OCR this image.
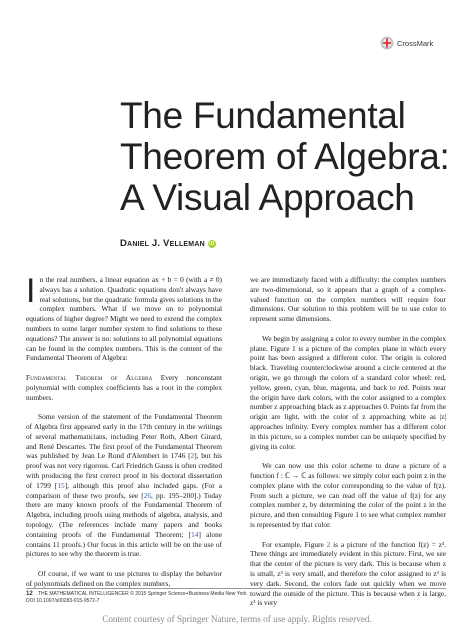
CrossMark
The Fundamental
Theorem of Algebra:
A Visual Approach
Daniel J. Velleman iD

In the real numbers, a linear equation ax + b = 0 (with a ≠ 0) always has a solution. Quadratic equations don't always have real solutions, but the quadratic formula gives solutions in the complex numbers. What if we move on to polynomial equations of higher degree? Might we need to extend the complex numbers to some larger number system to find solutions to these equations? The answer is no: solutions to all polynomial equations can be found in the complex numbers. This is the content of the Fundamental Theorem of Algebra:

Fundamental Theorem of Algebra Every nonconstant polynomial with complex coefficients has a root in the complex numbers.

Some version of the statement of the Fundamental Theorem of Algebra first appeared early in the 17th century in the writings of several mathematicians, including Peter Roth, Albert Girard, and René Descartes. The first proof of the Fundamental Theorem was published by Jean Le Rond d'Alembert in 1746 [2], but his proof was not very rigorous. Carl Friedrich Gauss is often credited with producing the first correct proof in his doctoral dissertation of 1799 [15], although this proof also included gaps. (For a comparison of these two proofs, see [26, pp. 195–200].) Today there are many known proofs of the Fundamental Theorem of Algebra, including proofs using methods of algebra, analysis, and topology. (The references include many papers and books containing proofs of the Fundamental Theorem; [14] alone contains 11 proofs.) Our focus in this article will be on the use of pictures to see why the theorem is true.

Of course, if we want to use pictures to display the behavior of polynomials defined on the complex numbers,

we are immediately faced with a difficulty: the complex numbers are two-dimensional, so it appears that a graph of a complex-valued function on the complex numbers will require four dimensions. Our solution to this problem will be to use color to represent some dimensions.

We begin by assigning a color to every number in the complex plane. Figure 1 is a picture of the complex plane in which every point has been assigned a different color. The origin is colored black. Traveling counterclockwise around a circle centered at the origin, we go through the colors of a standard color wheel: red, yellow, green, cyan, blue, magenta, and back to red. Points near the origin have dark colors, with the color assigned to a complex number z approaching black as z approaches 0. Points far from the origin are light, with the color of z approaching white as |z| approaches infinity. Every complex number has a different color in this picture, so a complex number can be uniquely specified by giving its color.

We can now use this color scheme to draw a picture of a function f : ℂ → ℂ as follows: we simply color each point z in the complex plane with the color corresponding to the value of f(z). From such a picture, we can read off the value of f(z) for any complex number z, by determining the color of the point z in the picture, and then consulting Figure 1 to see what complex number is represented by that color.

For example, Figure 2 is a picture of the function f(z) = z³. Three things are immediately evident in this picture. First, we see that the center of the picture is very dark. This is because when z is small, z³ is very small, and therefore the color assigned to z³ is very dark. Second, the colors fade out quickly when we move toward the outside of the picture. This is because when z is large, z³ is very

12 THE MATHEMATICAL INTELLIGENCER © 2015 Springer Science+Business Media New York
DOI 10.1007/s00283-015-9572-7
Content courtesy of Springer Nature, terms of use apply. Rights reserved.
